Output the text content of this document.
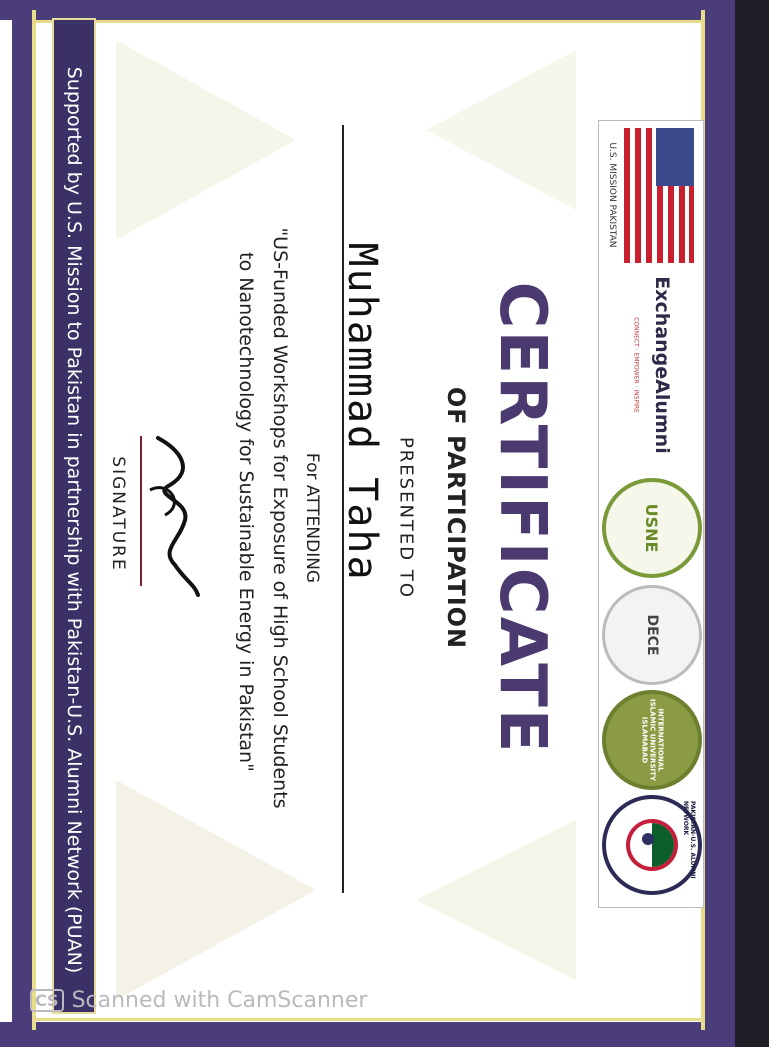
Supported by U.S. Mission to Pakistan in partnership with Pakistan-U.S. Alumni Network (PUAN)	U.S. MISSION PAKISTAN
ExchangeAlumni
CONNECT · EMPOWER · INSPIRE
USNE
DECE
INTERNATIONAL ISLAMIC UNIVERSITY ISLAMABAD
PAKISTAN-U.S. ALUMNI NETWORK
CERTIFICATE
OF PARTICIPATION
PRESENTED TO
Muhammad Taha
For ATTENDING
"US-Funded Workshops for Exposure of High School Students
to Nanotechnology for Sustainable Energy in Pakistan"
SIGNATURE
CS Scanned with CamScanner
